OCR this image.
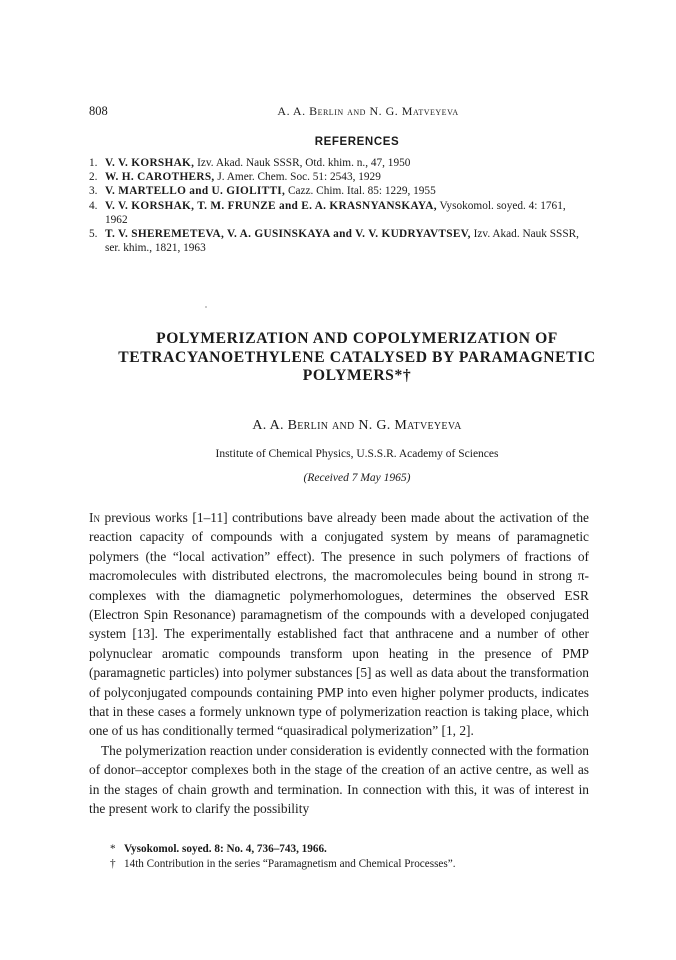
808	A. A. Berlin and N. G. Matveyeva
REFERENCES
1. V. V. KORSHAK, Izv. Akad. Nauk SSSR, Otd. khim. n., 47, 1950
2. W. H. CAROTHERS, J. Amer. Chem. Soc. 51: 2543, 1929
3. V. MARTELLO and U. GIOLITTI, Cazz. Chim. Ital. 85: 1229, 1955
4. V. V. KORSHAK, T. M. FRUNZE and E. A. KRASNYANSKAYA, Vysokomol. soyed. 4: 1761, 1962
5. T. V. SHEREMETEVA, V. A. GUSINSKAYA and V. V. KUDRYAVTSEV, Izv. Akad. Nauk SSSR, ser. khim., 1821, 1963
POLYMERIZATION AND COPOLYMERIZATION OF
TETRACYANOETHYLENE CATALYSED BY PARAMAGNETIC
POLYMERS*†
A. A. Berlin and N. G. Matveyeva
Institute of Chemical Physics, U.S.S.R. Academy of Sciences
(Received 7 May 1965)

In previous works [1–11] contributions bave already been made about the activation of the reaction capacity of compounds with a conjugated system by means of paramagnetic polymers (the “local activation” effect). The presence in such polymers of fractions of macromolecules with distributed electrons, the macromolecules being bound in strong π-complexes with the diamagnetic polymerhomologues, determines the observed ESR (Electron Spin Resonance) paramagnetism of the compounds with a developed conjugated system [13]. The experimentally established fact that anthracene and a number of other polynuclear aromatic compounds transform upon heating in the presence of PMP (paramagnetic particles) into polymer substances [5] as well as data about the transformation of polyconjugated compounds containing PMP into even higher polymer products, indicates that in these cases a formely unknown type of polymerization reaction is taking place, which one of us has conditionally termed “quasiradical polymerization” [1, 2].

The polymerization reaction under consideration is evidently connected with the formation of donor–acceptor complexes both in the stage of the creation of an active centre, as well as in the stages of chain growth and termination. In connection with this, it was of interest in the present work to clarify the possibility

* Vysokomol. soyed. 8: No. 4, 736–743, 1966.
† 14th Contribution in the series “Paramagnetism and Chemical Processes”.
